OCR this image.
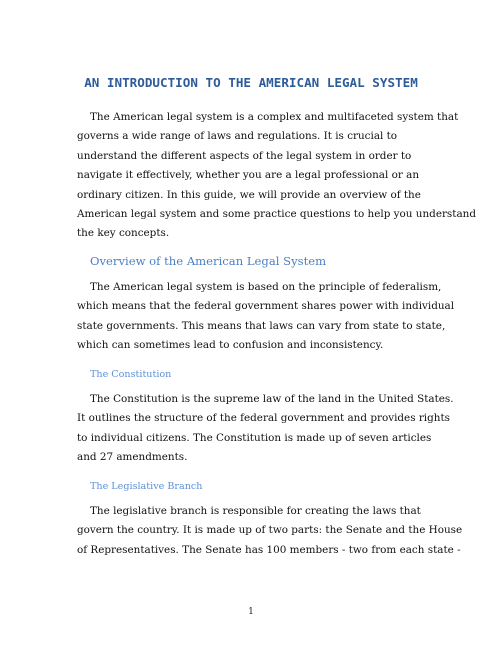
AN INTRODUCTION TO THE AMERICAN LEGAL SYSTEM
The American legal system is a complex and multifaceted system that
governs a wide range of laws and regulations. It is crucial to
understand the different aspects of the legal system in order to
navigate it effectively, whether you are a legal professional or an
ordinary citizen. In this guide, we will provide an overview of the
American legal system and some practice questions to help you understand
the key concepts.
Overview of the American Legal System
The American legal system is based on the principle of federalism,
which means that the federal government shares power with individual
state governments. This means that laws can vary from state to state,
which can sometimes lead to confusion and inconsistency.
The Constitution
The Constitution is the supreme law of the land in the United States.
It outlines the structure of the federal government and provides rights
to individual citizens. The Constitution is made up of seven articles
and 27 amendments.
The Legislative Branch
The legislative branch is responsible for creating the laws that
govern the country. It is made up of two parts: the Senate and the House
of Representatives. The Senate has 100 members - two from each state -
1
